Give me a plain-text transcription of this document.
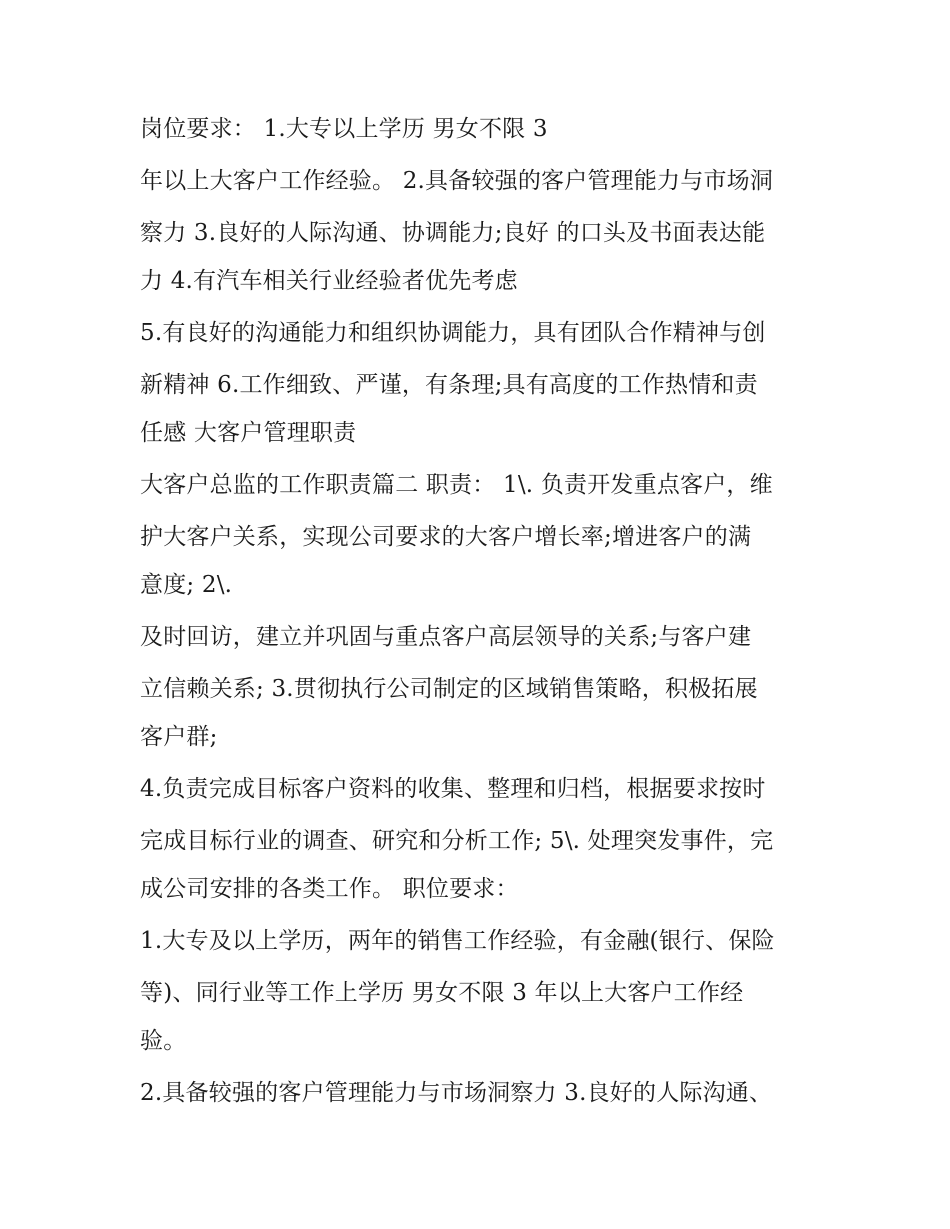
岗位要求： 1.大专以上学历 男女不限 3
年以上大客户工作经验。 2.具备较强的客户管理能力与市场洞
察力 3.良好的人际沟通、协调能力;良好 的口头及书面表达能
力 4.有汽车相关行业经验者优先考虑
5.有良好的沟通能力和组织协调能力，具有团队合作精神与创
新精神 6.工作细致、严谨，有条理;具有高度的工作热情和责
任感 大客户管理职责
大客户总监的工作职责篇二 职责： 1\. 负责开发重点客户，维
护大客户关系，实现公司要求的大客户增长率;增进客户的满
意度; 2\.
及时回访，建立并巩固与重点客户高层领导的关系;与客户建
立信赖关系; 3.贯彻执行公司制定的区域销售策略，积极拓展
客户群;
4.负责完成目标客户资料的收集、整理和归档，根据要求按时
完成目标行业的调查、研究和分析工作; 5\. 处理突发事件，完
成公司安排的各类工作。 职位要求：
1.大专及以上学历，两年的销售工作经验，有金融(银行、保险
等)、同行业等工作上学历 男女不限 3 年以上大客户工作经
验。
2.具备较强的客户管理能力与市场洞察力 3.良好的人际沟通、
